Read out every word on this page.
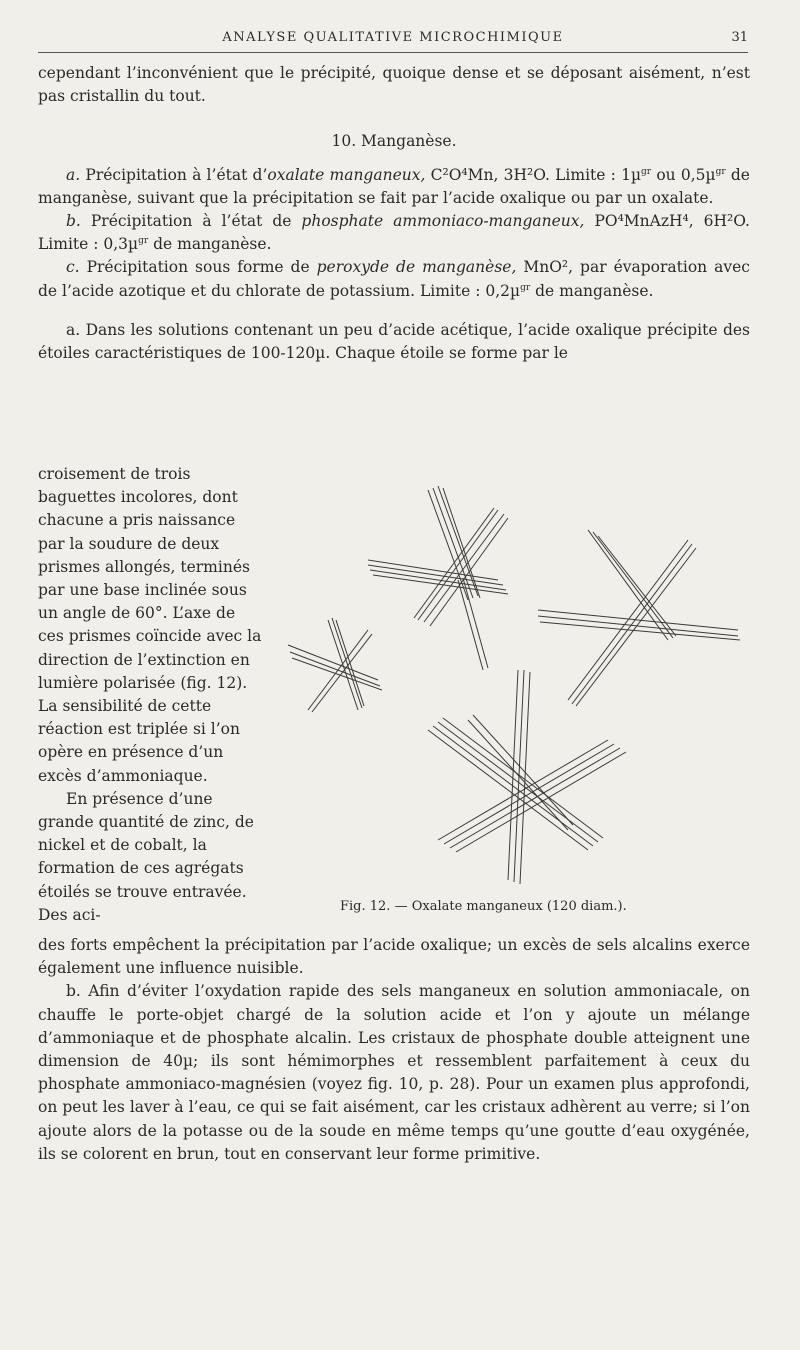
ANALYSE QUALITATIVE MICROCHIMIQUE	31

cependant l’inconvénient que le précipité, quoique dense et se déposant aisément, n’est pas cristallin du tout.

10. Manganèse.

a. Précipitation à l’état d’oxalate manganeux, C²O⁴Mn, 3H²O. Limite : 1µ$^{gr}$ ou 0,5µ$^{gr}$ de manganèse, suivant que la précipitation se fait par l’acide oxalique ou par un oxalate.

b. Précipitation à l’état de phosphate ammoniaco-manganeux, PO⁴MnAzH⁴, 6H²O. Limite : 0,3µ$^{gr}$ de manganèse.

c. Précipitation sous forme de peroxyde de manganèse, MnO², par évaporation avec de l’acide azotique et du chlorate de potassium. Limite : 0,2µ$^{gr}$ de manganèse.

a. Dans les solutions contenant un peu d’acide acétique, l’acide oxalique précipite des étoiles caractéristiques de 100-120µ. Chaque étoile se forme par le

croisement de trois baguettes incolores, dont chacune a pris naissance par la soudure de deux prismes allongés, terminés par une base inclinée sous un angle de 60°. L’axe de ces prismes coïncide avec la direction de l’extinction en lumière polarisée (fig. 12). La sensibilité de cette réaction est triplée si l’on opère en présence d’un excès d’ammoniaque.

En présence d’une grande quantité de zinc, de nickel et de cobalt, la formation de ces agrégats étoilés se trouve entravée. Des aci-	Fig. 12. — Oxalate manganeux (120 diam.).

des forts empêchent la précipitation par l’acide oxalique; un excès de sels alcalins exerce également une influence nuisible.

b. Afin d’éviter l’oxydation rapide des sels manganeux en solution ammoniacale, on chauffe le porte-objet chargé de la solution acide et l’on y ajoute un mélange d’ammoniaque et de phosphate alcalin. Les cristaux de phosphate double atteignent une dimension de 40µ; ils sont hémimorphes et ressemblent parfaitement à ceux du phosphate ammoniaco-magnésien (voyez fig. 10, p. 28). Pour un examen plus approfondi, on peut les laver à l’eau, ce qui se fait aisément, car les cristaux adhèrent au verre; si l’on ajoute alors de la potasse ou de la soude en même temps qu’une goutte d’eau oxygénée, ils se colorent en brun, tout en conservant leur forme primitive.
